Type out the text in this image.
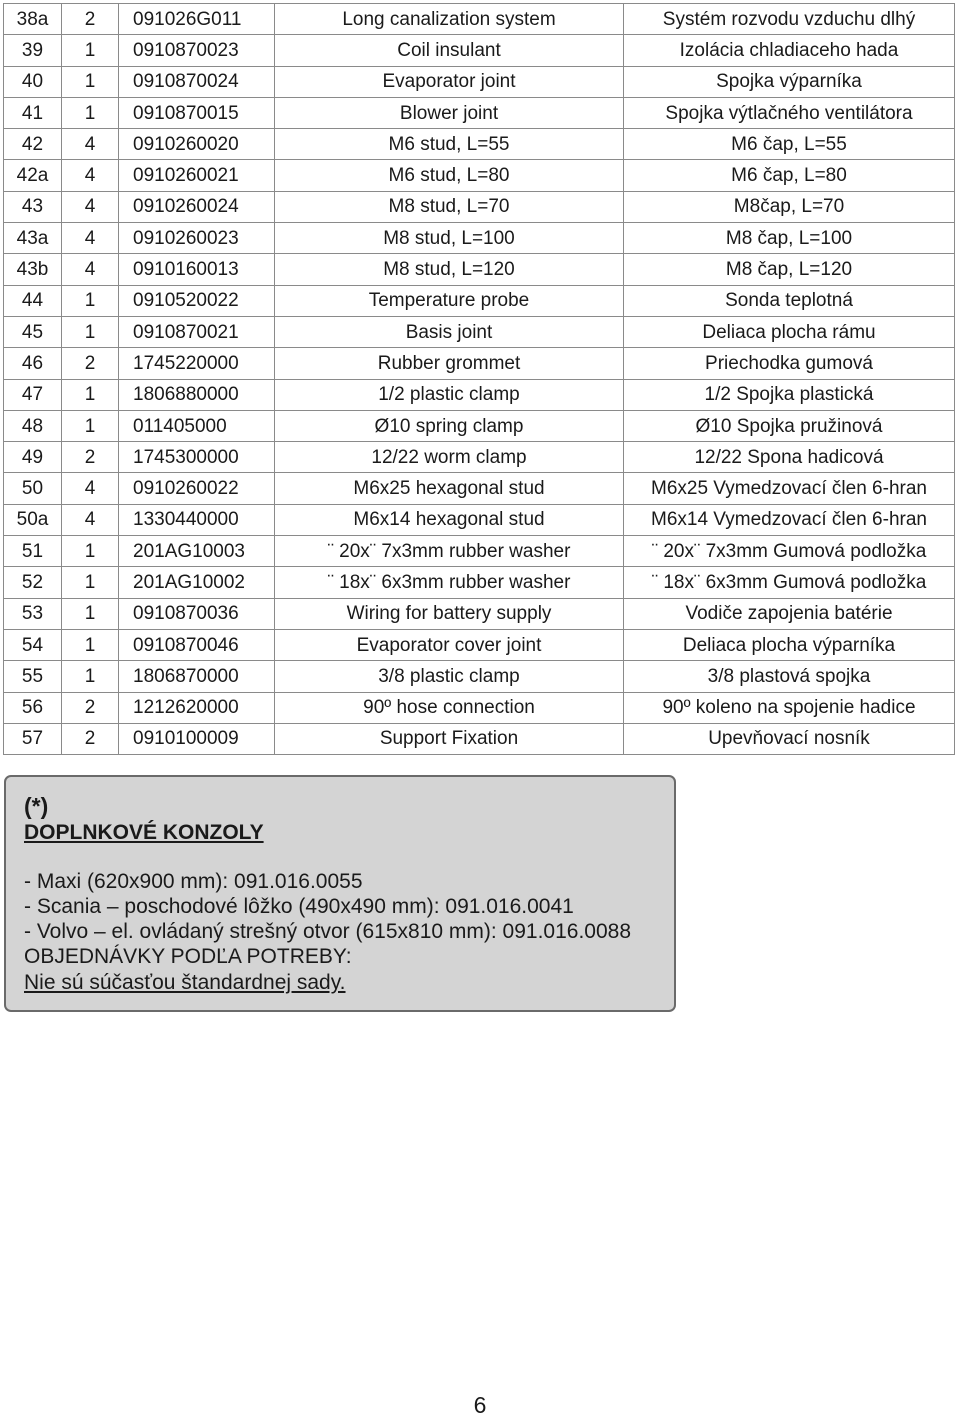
38a	2	091026G011	Long canalization system	Systém rozvodu vzduchu dlhý
39	1	0910870023	Coil insulant	Izolácia chladiaceho hada
40	1	0910870024	Evaporator joint	Spojka výparníka
41	1	0910870015	Blower joint	Spojka výtlačného ventilátora
42	4	0910260020	M6 stud, L=55	M6 čap, L=55
42a	4	0910260021	M6 stud, L=80	M6 čap, L=80
43	4	0910260024	M8 stud, L=70	M8čap, L=70
43a	4	0910260023	M8 stud, L=100	M8 čap, L=100
43b	4	0910160013	M8 stud, L=120	M8 čap, L=120
44	1	0910520022	Temperature probe	Sonda teplotná
45	1	0910870021	Basis joint	Deliaca plocha rámu
46	2	1745220000	Rubber grommet	Priechodka gumová
47	1	1806880000	1/2 plastic clamp	1/2 Spojka plastická
48	1	011405000	Ø10 spring clamp	Ø10 Spojka pružinová
49	2	1745300000	12/22 worm clamp	12/22 Spona hadicová
50	4	0910260022	M6x25 hexagonal stud	M6x25 Vymedzovací člen 6-hran
50a	4	1330440000	M6x14 hexagonal stud	M6x14 Vymedzovací člen 6-hran
51	1	201AG10003	¨ 20x¨ 7x3mm rubber washer	¨ 20x¨ 7x3mm Gumová podložka
52	1	201AG10002	¨ 18x¨ 6x3mm rubber washer	¨ 18x¨ 6x3mm Gumová podložka
53	1	0910870036	Wiring for battery supply	Vodiče zapojenia batérie
54	1	0910870046	Evaporator cover joint	Deliaca plocha výparníka
55	1	1806870000	3/8 plastic clamp	3/8 plastová spojka
56	2	1212620000	90º hose connection	90º koleno na spojenie hadice
57	2	0910100009	Support Fixation	Upevňovací nosník
(*)
DOPLNKOVÉ KONZOLY
- Maxi (620x900 mm): 091.016.0055
- Scania – poschodové lôžko (490x490 mm): 091.016.0041
- Volvo – el. ovládaný strešný otvor (615x810 mm): 091.016.0088
OBJEDNÁVKY PODĽA POTREBY:
Nie sú súčasťou štandardnej sady.
6
